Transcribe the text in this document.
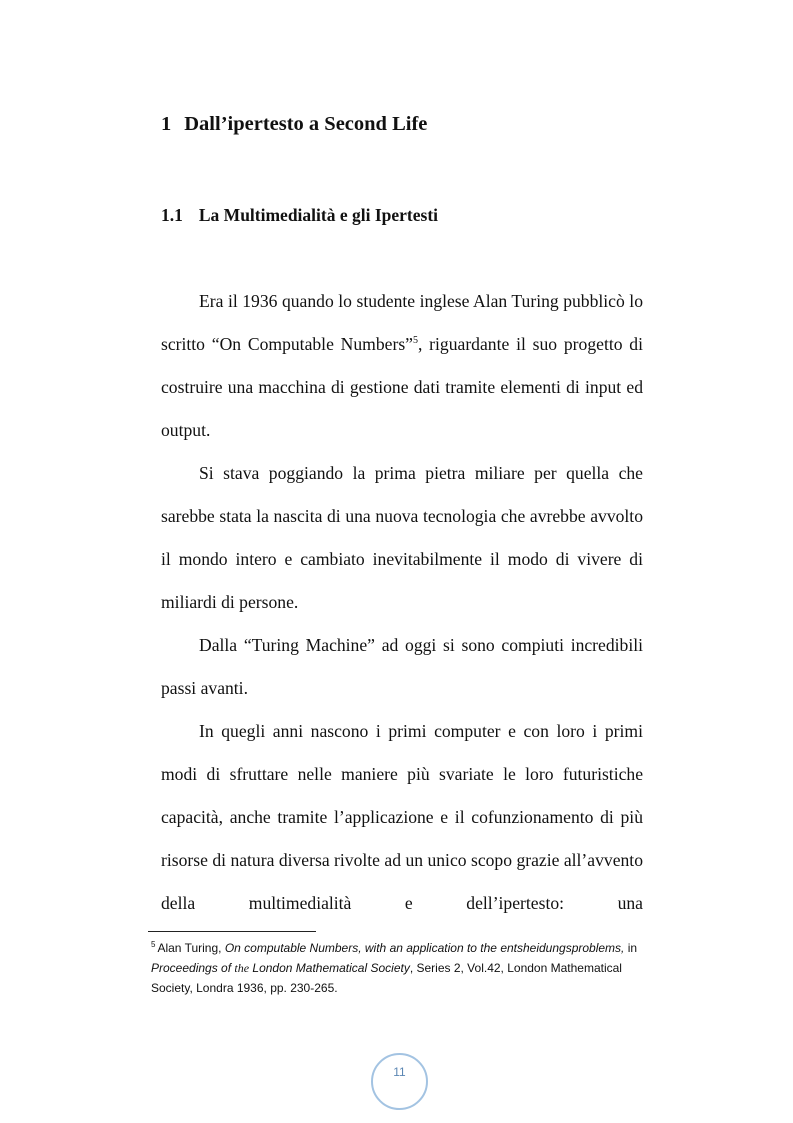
1 Dall’ipertesto a Second Life
1.1 La Multimedialità e gli Ipertesti

Era il 1936 quando lo studente inglese Alan Turing pubblicò lo scritto “On Computable Numbers”$^5$, riguardante il suo progetto di costruire una macchina di gestione dati tramite elementi di input ed output.

Si stava poggiando la prima pietra miliare per quella che sarebbe stata la nascita di una nuova tecnologia che avrebbe avvolto il mondo intero e cambiato inevitabilmente il modo di vivere di miliardi di persone.

Dalla “Turing Machine” ad oggi si sono compiuti incredibili passi avanti.

In quegli anni nascono i primi computer e con loro i primi modi di sfruttare nelle maniere più svariate le loro futuristiche capacità, anche tramite l’applicazione e il cofunzionamento di più risorse di natura diversa rivolte ad un unico scopo grazie all’avvento della multimedialità e dell’ipertesto: una

$^5$ Alan Turing, On computable Numbers, with an application to the entsheidungsproblems, in Proceedings of the London Mathematical Society, Series 2, Vol.42, London Mathematical Society, Londra 1936, pp. 230-265.

11
